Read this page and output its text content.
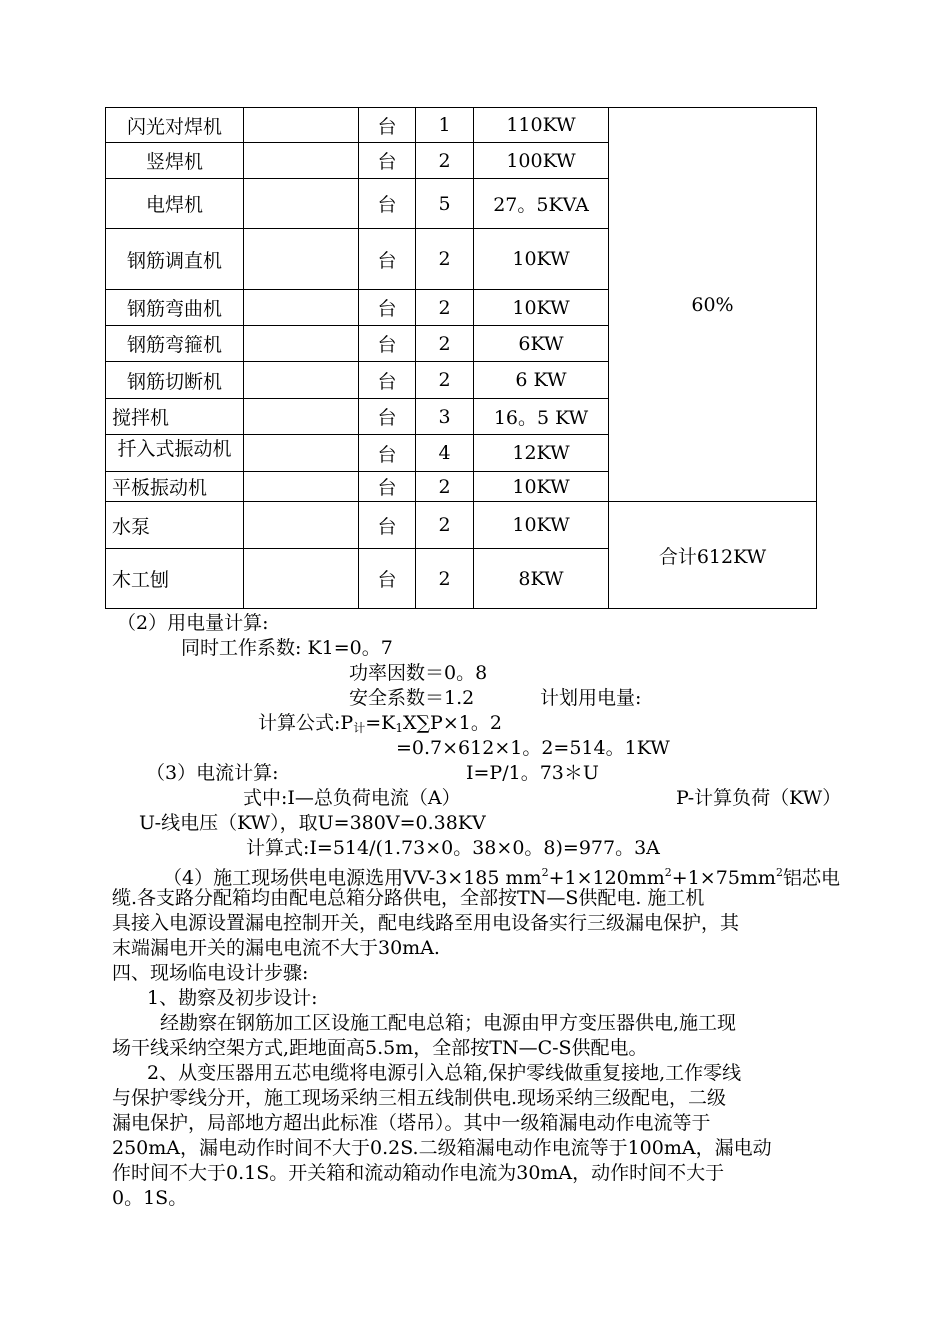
闪光对焊机		台	1	110KW	60%
竖焊机		台	2	100KW	
电焊机		台	5	27。5KVA	
钢筋调直机		台	2	10KW	
钢筋弯曲机		台	2	10KW	
钢筋弯箍机		台	2	6KW	
钢筋切断机		台	2	6 KW	
搅拌机		台	3	16。5 KW	

扦入式振动机		台	4	12KW	
平板振动机		台	2	10KW	
水泵		台	2	10KW	合计612KW
木工刨		台	2	8KW	
（2）用电量计算:
同时工作系数: K1=0。7
功率因数＝0。8
安全系数＝1.2	计划用电量:
计算公式$:P_计=K_1X\sum P\times 1$。2
=0.7×612×1。2=514。1KW
（3）电流计算:	I=P/1。73＊U
式中:I—总负荷电流（A）	P-计算负荷（KW）
U-线电压（KW），取U=380V=0.38KV
计算式:I=514/(1.73×0。38×0。8)=977。3A
（4）施工现场供电电源选用VV-3×185 $mm^2+1\times 120mm^2+1\times 75mm^2$铝芯电
缆.各支路分配箱均由配电总箱分路供电，全部按TN—S供配电. 施工机
具接入电源设置漏电控制开关，配电线路至用电设备实行三级漏电保护，其
末端漏电开关的漏电电流不大于30mA.
四、现场临电设计步骤:
1、勘察及初步设计:
经勘察在钢筋加工区设施工配电总箱；电源由甲方变压器供电,施工现
场干线采纳空架方式,距地面高5.5m，全部按TN—C-S供配电。
2、从变压器用五芯电缆将电源引入总箱,保护零线做重复接地,工作零线
与保护零线分开，施工现场采纳三相五线制供电.现场采纳三级配电，二级
漏电保护，局部地方超出此标准（塔吊）。其中一级箱漏电动作电流等于
250mA，漏电动作时间不大于0.2S.二级箱漏电动作电流等于100mA，漏电动
作时间不大于0.1S。开关箱和流动箱动作电流为30mA，动作时间不大于
0。1S。
